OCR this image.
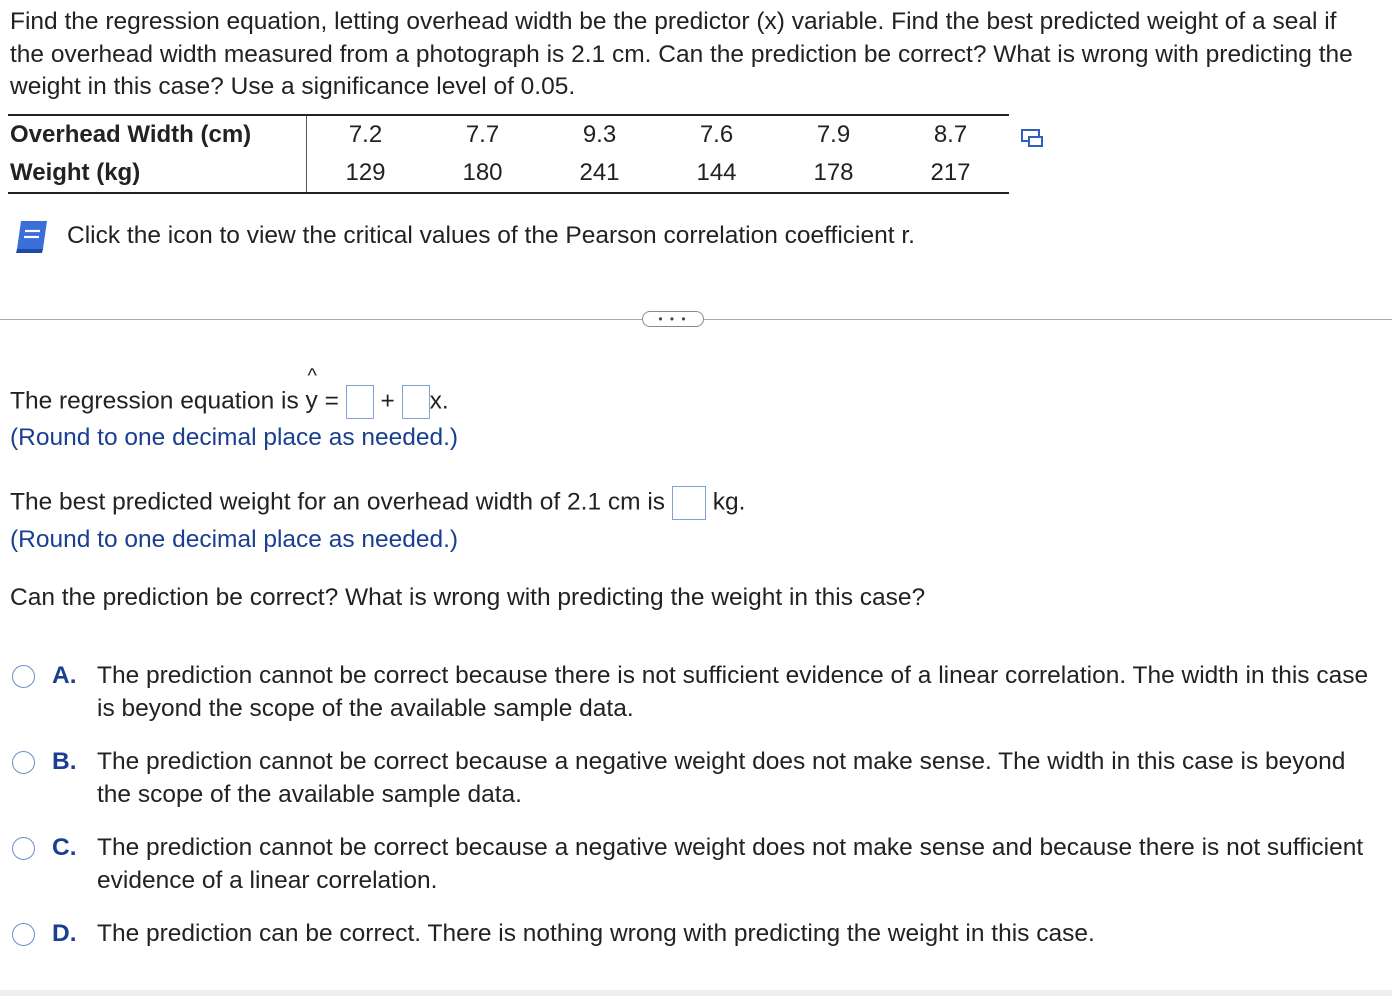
Find the regression equation, letting overhead width be the predictor (x) variable. Find the best predicted weight of a seal if the overhead width measured from a photograph is 2.1 cm. Can the prediction be correct? What is wrong with predicting the weight in this case? Use a significance level of 0.05.

Overhead Width (cm)	7.2	7.7	9.3	7.6	7.9	8.7
Weight (kg)	129	180	241	144	178	217
Click the icon to view the critical values of the Pearson correlation coefficient r.
• • •
The regression equation is
^
y = + x.
(Round to one decimal place as needed.)
The best predicted weight for an overhead width of 2.1 cm is kg.
(Round to one decimal place as needed.)
Can the prediction be correct? What is wrong with predicting the weight in this case?
A. The prediction cannot be correct because there is not sufficient evidence of a linear correlation. The width in this case is beyond the scope of the available sample data.
B. The prediction cannot be correct because a negative weight does not make sense. The width in this case is beyond the scope of the available sample data.
C. The prediction cannot be correct because a negative weight does not make sense and because there is not sufficient evidence of a linear correlation.
D. The prediction can be correct. There is nothing wrong with predicting the weight in this case.
